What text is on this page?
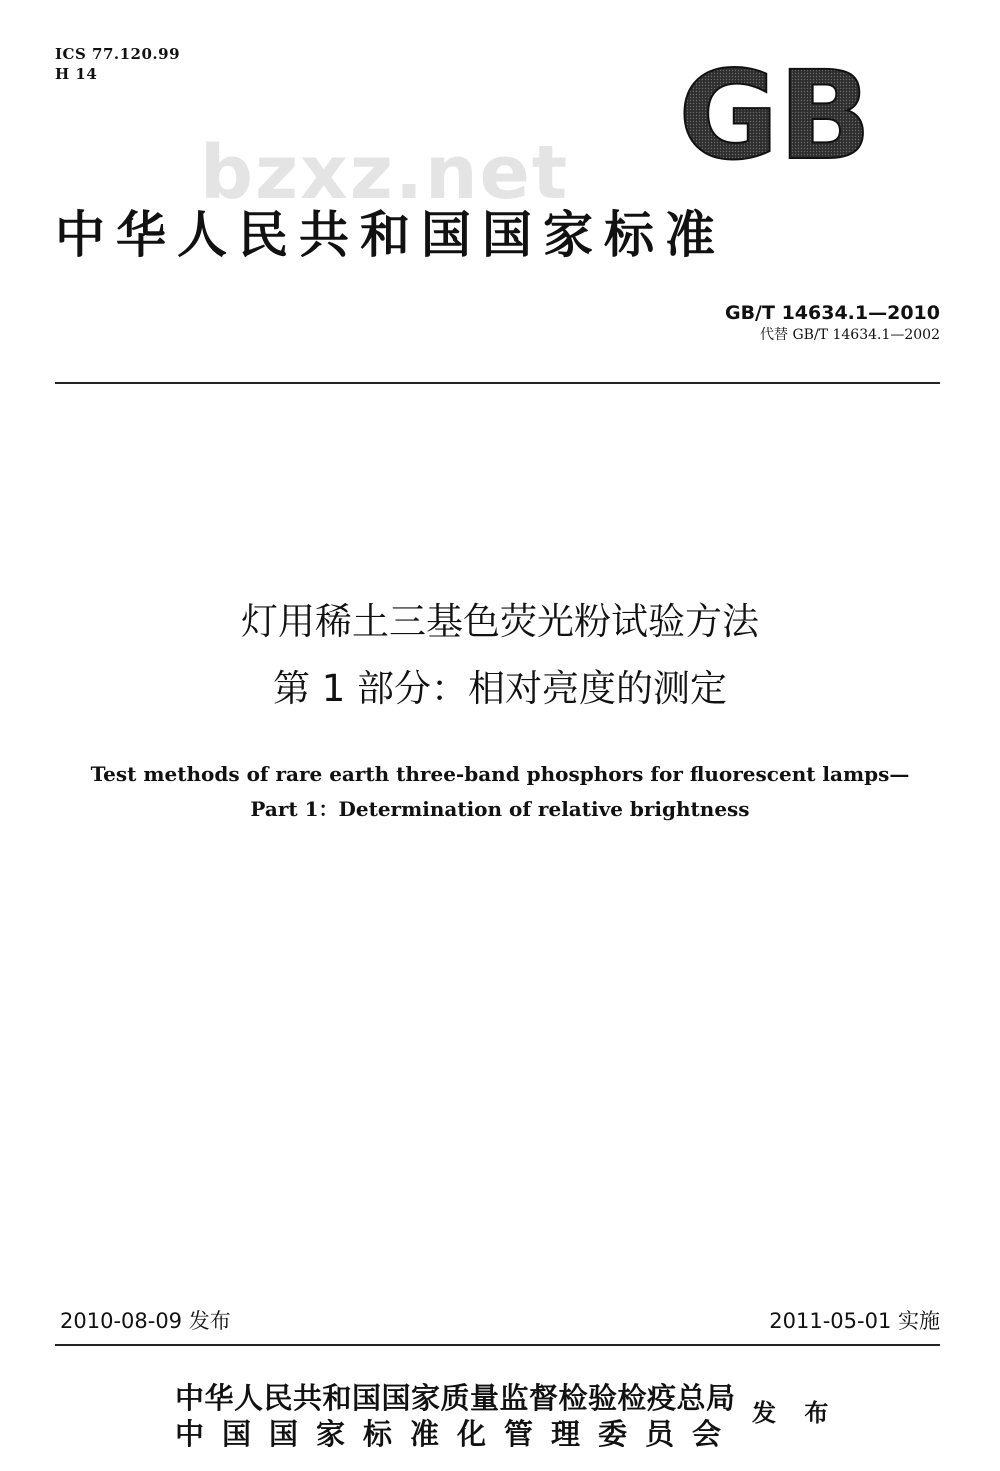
ICS 77.120.99
H 14
bzxz.net GB
中华人民共和国国家标准
GB/T 14634.1—2010
代替 GB/T 14634.1—2002
灯用稀土三基色荧光粉试验方法
第 1 部分：相对亮度的测定
Test methods of rare earth three-band phosphors for fluorescent lamps—
Part 1：Determination of relative brightness
2010-08-09 发布	2011-05-01 实施
中华人民共和国国家质量监督检验检疫总局
中国国家标准化管理委员会
发 布
